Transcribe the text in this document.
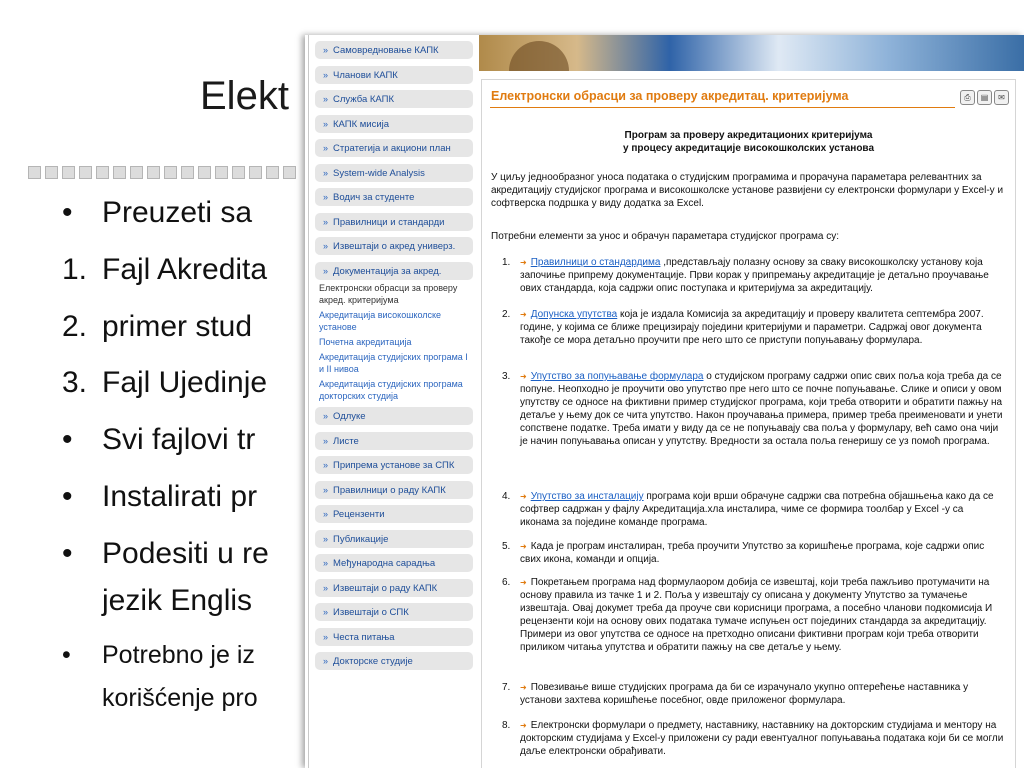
Elekt
• Preuzeti sa
1. Fajl Akredita
2. primer stud
3. Fajl Ujedinje
• Svi fajlovi tr
• Instalirati pr
• Podesiti u re
jezik Englis
• Potrebno je iz
korišćenje pro
» Самовредновање КАПК
» Чланови КАПК
» Служба КАПК
» КАПК мисија
» Стратегија и акциони план
» System-wide Analysis
» Водич за студенте
» Правилници и стандарди
» Извештаји о акред универз.
» Документација за акред.
Електронски обрасци за проверу акред. критеријума
Акредитација високошколске установе
Почетна акредитација
Акредитација студијских програма I и II нивоа
Акредитација студијских програма докторских студија
» Одлуке
» Листе
» Припрема установе за СПК
» Правилници о раду КАПК
» Рецензенти
» Публикације
» Међународна сарадња
» Извештаји о раду КАПК
» Извештаји о СПК
» Честа питања
» Докторске студије
Електронски обрасци за проверу акредитац. критеријума	⎙	▤	✉
Програм за проверу акредитационих критеријума
у процесу акредитације високошколских установа
У циљу једнообразног уноса података о студијским програмима и прорачуна параметара релевантних за акредитацију студијског програма и високошколске установе развијени су електронски формулари у Excel-у и софтверска подршка у виду додатка за Excel.
Потребни елементи за унос и обрачун параметара студијског програма су:
1.	➜ Правилници о стандардима ,представљају полазну основу за сваку високошколску установу која започиње припрему документације. Први корак у припремању акредитације је детаљно проучавање ових стандарда, која садржи опис поступака и критеријума за акредитацију.
2.	➜ Допунска упутства која је издала Комисија за акредитацију и проверу квалитета септембра 2007. године, у којима се ближе прецизирају поједини критеријуми и параметри. Садржај овог документа такође се мора детаљно проучити пре него што се приступи попуњавању формулара.
3.	➜ Упутство за попуњавање формулара о студијском програму садржи опис свих поља која треба да се попуне. Неопходно је проучити ово упутство пре него што се почне попуњавање. Слике и описи у овом упутству се односе на фиктивни пример студијског програма, који треба отворити и обратити пажњу на детаље у њему док се чита упутство. Након проучавања примера, пример треба преименовати и унети сопствене податке. Треба имати у виду да се не попуњавају сва поља у формулару, већ само она чији је начин попуњавања описан у упутству. Вредности за остала поља генеришу се уз помоћ програма.
4.	➜ Упутство за инсталацију програма који врши обрачуне садржи сва потребна објашњења како да се софтвер садржан у фајлу Акредитација.хла инсталира, чиме се формира тоолбар у Excel -у са иконама за поједине команде програма.
5.	➜ Када је програм инсталиран, треба проучити Упутство за коришћење програма, које садржи опис свих икона, команди и опција.
6.	➜ Покретањем програма над формулаором добија се извештај, који треба пажљиво протумачити на основу правила из тачке 1 и 2. Поља у извештају су описана у документу Упутство за тумачење извештаја. Овај докумет треба да проуче сви корисници програма, а посебно чланови подкомисија И рецензенти који на основу ових података тумаче испуњен ост појединих стандарда за акредитацију. Примери из овог упутства се односе на претходно описани фиктивни програм који треба отворити приликом читања упутства и обратити пажњу на све детаље у њему.
7.	➜ Повезивање више студијских програма да би се израчунало укупно оптерећење наставника у установи захтева коришћење посебног, овде приложеног формулара.
8.	➜ Електронски формулари о предмету, наставнику, наставнику на докторским студијама и ментору на докторским студијама у Excel-у приложени су ради евентуалног попуњавања података који би се могли даље електронски обрађивати.
